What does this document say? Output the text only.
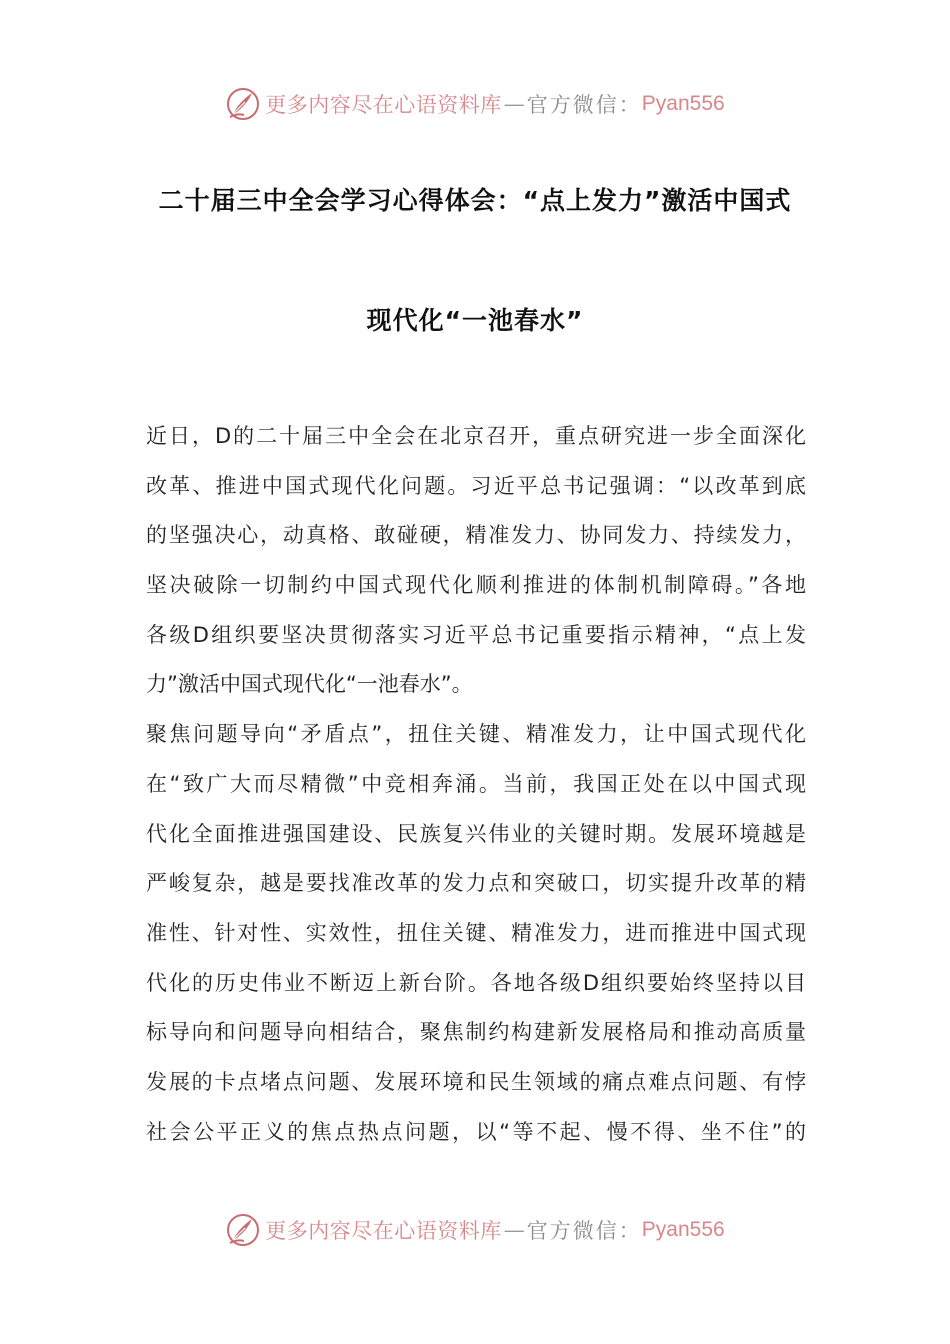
更多内容尽在心语资料库 — 官方微信： Pyan556
二十届三中全会学习心得体会：“点上发力”激活中国式
现代化“一池春水”
近日，D的二十届三中全会在北京召开，重点研究进一步全面深化
改革、推进中国式现代化问题。习近平总书记强调：“以改革到底
的坚强决心，动真格、敢碰硬，精准发力、协同发力、持续发力，
坚决破除一切制约中国式现代化顺利推进的体制机制障碍。”各地
各级D组织要坚决贯彻落实习近平总书记重要指示精神，“点上发
力”激活中国式现代化“一池春水”。
聚焦问题导向“矛盾点”，扭住关键、精准发力，让中国式现代化
在“致广大而尽精微”中竞相奔涌。当前，我国正处在以中国式现
代化全面推进强国建设、民族复兴伟业的关键时期。发展环境越是
严峻复杂，越是要找准改革的发力点和突破口，切实提升改革的精
准性、针对性、实效性，扭住关键、精准发力，进而推进中国式现
代化的历史伟业不断迈上新台阶。各地各级D组织要始终坚持以目
标导向和问题导向相结合，聚焦制约构建新发展格局和推动高质量
发展的卡点堵点问题、发展环境和民生领域的痛点难点问题、有悖
社会公平正义的焦点热点问题，以“等不起、慢不得、坐不住”的
更多内容尽在心语资料库 — 官方微信： Pyan556
